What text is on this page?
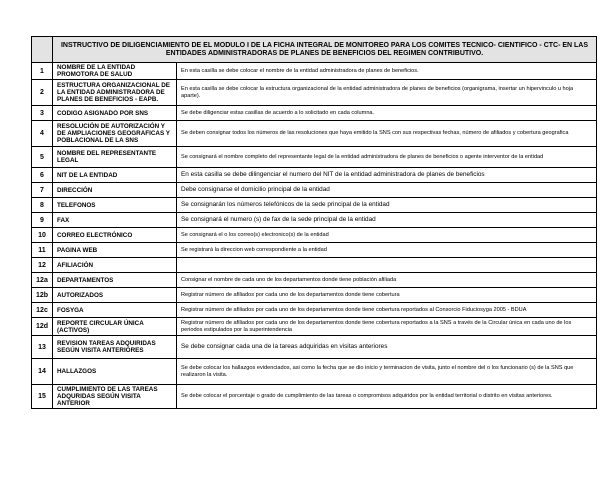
	INSTRUCTIVO DE DILIGENCIAMIENTO DE EL MODULO I DE LA FICHA INTEGRAL DE MONITOREO PARA LOS COMITES TECNICO- CIENTIFICO - CTC- EN LAS ENTIDADES ADMINISTRADORAS DE PLANES DE BENEFICIOS DEL REGIMEN CONTRIBUTIVO.	
1	NOMBRE DE LA ENTIDAD PROMOTORA DE SALUD	En esta casilla se debe colocar el nombre de la entidad administradora de planes de beneficios.
2	ESTRUCTURA ORGANIZACIONAL DE LA ENTIDAD ADMINISTRADORA DE PLANES DE BENEFICIOS - EAPB.	En esta casilla se debe colocar la estructura organizacional de la entidad administradora de planes de beneficios (organigrama, insertar un hipervinculo u hoja aparte).
3	CODIGO ASIGNADO POR SNS	Se debe diligenciar estas casillas de acuerdo a lo solicitado en cada columna.
4	RESOLUCIÓN DE AUTORIZACIÓN Y DE AMPLIACIONES GEOGRAFICAS Y POBLACIONAL DE LA SNS	Se deben consignar todos los números de las resoluciones que haya emitido la SNS con sus respectivas fechas, número de afiliados y cobertura geografica
5	NOMBRE DEL REPRESENTANTE LEGAL	Se consignará el nombre completo del representante legal de la entidad administradora de planes de beneficios o agente interventor de la entidad
6	NIT DE LA ENTIDAD	En esta casilla se debe dilingenciar el numero del NIT de la entidad administradora de planes de beneficios
7	DIRECCIÓN	Debe consignarse el domicilio principal de la entidad
8	TELEFONOS	Se consignarán los números telefónicos de la sede principal de la entidad
9	FAX	Se consignará el numero (s) de fax de la sede principal de la entidad
10	CORREO ELECTRÓNICO	Se consignará el o los correo(s) electronico(s) de la entidad
11	PAGINA WEB	Se registrará la direccion web correspondiente a la entidad
12	AFILIACIÓN	
12a	DEPARTAMENTOS	Consignar el nombre de cada uno de los departamentos donde tiene población afiliada
12b	AUTORIZADOS	Registrar número de afiliados por cada uno de los departamentos donde tiene cobertura
12c	FOSYGA	Registrar número de afiliados por cada uno de los departamentos donde tiene cobertura reportados al Consorcio Fiduciosyga 2005 - BDUA
12d	REPORTE CIRCULAR ÚNICA (ACTIVOS)	Registrar número de afiliados por cada uno de los departamentos donde tiene cobertura reportados a la SNS a través de la Circular única en cada uno de los periodos estipulados por la superintendencia
13	REVISION TAREAS ADQUIRIDAS SEGÚN VISITA ANTERIORES	Se debe consignar cada una de la tareas adquiridas en visitas anteriores
14	HALLAZGOS	Se debe colocar los hallazgos evidenciados, asi como la fecha que se dio inicio y terminacion de visita, junto el nombre del o los funcionario (s) de la SNS que realizaron la visita.
15	CUMPLIMIENTO DE LAS TAREAS ADQURIDAS SEGÚN VISITA ANTERIOR	Se debe colocar el porcentaje o grado de cumplimiento de las tareas o compromisos adquiridos por la entidad territorial o distrito en visitas anteriores.
